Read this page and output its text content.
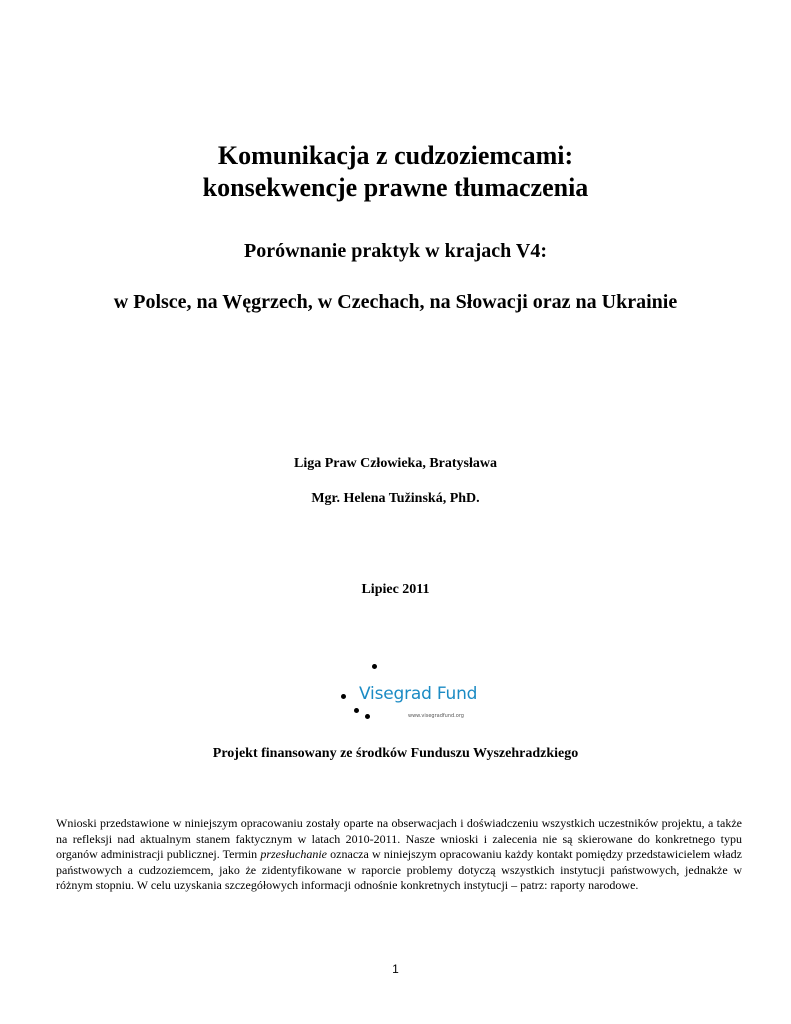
Komunikacja z cudzoziemcami:
konsekwencje prawne tłumaczenia
Porównanie praktyk w krajach V4:
w Polsce, na Węgrzech, w Czechach, na Słowacji oraz na Ukrainie
Liga Praw Człowieka, Bratysława
Mgr. Helena Tužinská, PhD.
Lipiec 2011
Visegrad Fund
www.visegradfund.org
Projekt finansowany ze środków Funduszu Wyszehradzkiego
Wnioski przedstawione w niniejszym opracowaniu zostały oparte na obserwacjach i doświadczeniu wszystkich uczestników projektu, a także na refleksji nad aktualnym stanem faktycznym w latach 2010-2011. Nasze wnioski i zalecenia nie są skierowane do konkretnego typu organów administracji publicznej. Termin przesłuchanie oznacza w niniejszym opracowaniu każdy kontakt pomiędzy przedstawicielem władz państwowych a cudzoziemcem, jako że zidentyfikowane w raporcie problemy dotyczą wszystkich instytucji państwowych, jednakże w różnym stopniu. W celu uzyskania szczegółowych informacji odnośnie konkretnych instytucji – patrz: raporty narodowe.
1
